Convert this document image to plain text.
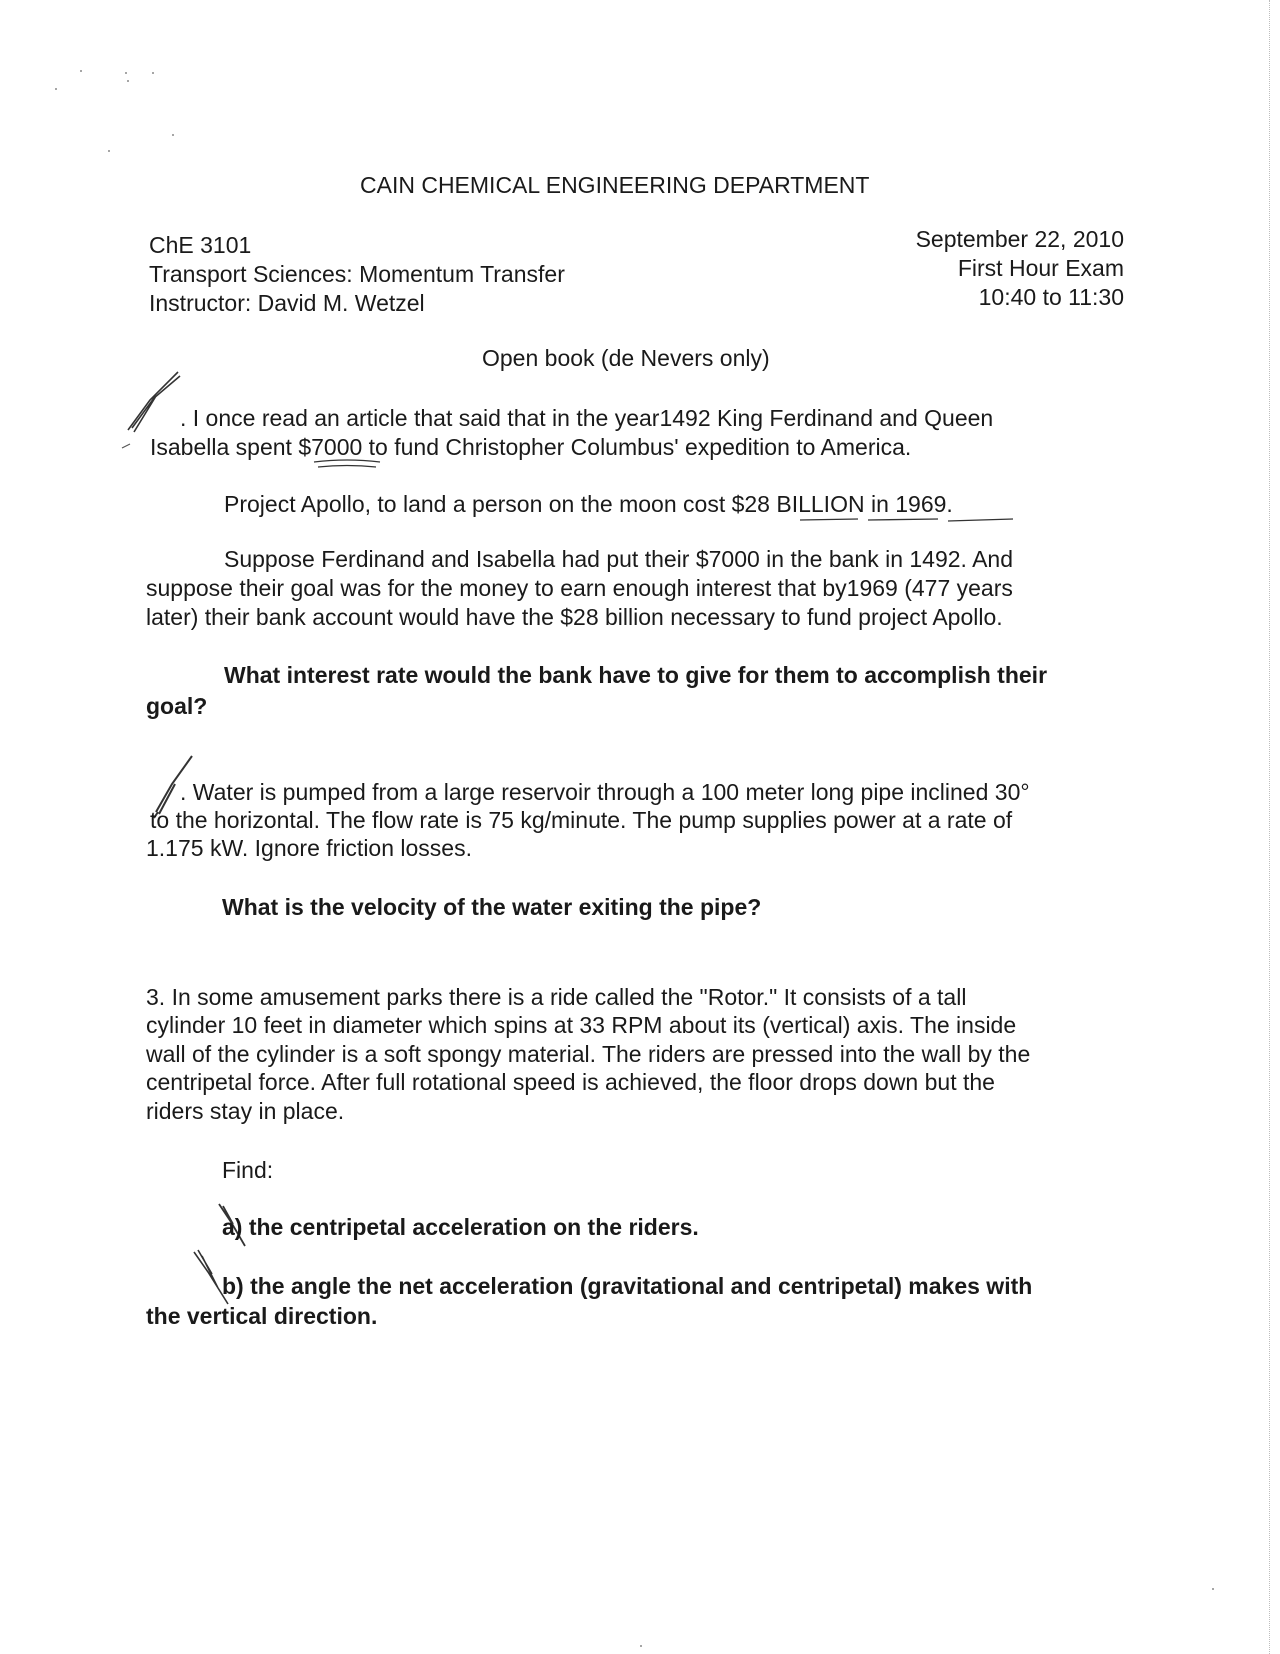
CAIN CHEMICAL ENGINEERING DEPARTMENT
ChE 3101
Transport Sciences: Momentum Transfer
Instructor: David M. Wetzel
September 22, 2010
First Hour Exam
10:40 to 11:30
Open book (de Nevers only)
. I once read an article that said that in the year1492 King Ferdinand and Queen
Isabella spent $7000 to fund Christopher Columbus' expedition to America.
Project Apollo, to land a person on the moon cost $28 BILLION in 1969.
Suppose Ferdinand and Isabella had put their $7000 in the bank in 1492. And
suppose their goal was for the money to earn enough interest that by1969 (477 years
later) their bank account would have the $28 billion necessary to fund project Apollo.
What interest rate would the bank have to give for them to accomplish their
goal?
. Water is pumped from a large reservoir through a 100 meter long pipe inclined 30°
to the horizontal. The flow rate is 75 kg/minute. The pump supplies power at a rate of
1.175 kW. Ignore friction losses.
What is the velocity of the water exiting the pipe?
3. In some amusement parks there is a ride called the "Rotor." It consists of a tall
cylinder 10 feet in diameter which spins at 33 RPM about its (vertical) axis. The inside
wall of the cylinder is a soft spongy material. The riders are pressed into the wall by the
centripetal force. After full rotational speed is achieved, the floor drops down but the
riders stay in place.
Find:
a) the centripetal acceleration on the riders.
b) the angle the net acceleration (gravitational and centripetal) makes with
the vertical direction.
